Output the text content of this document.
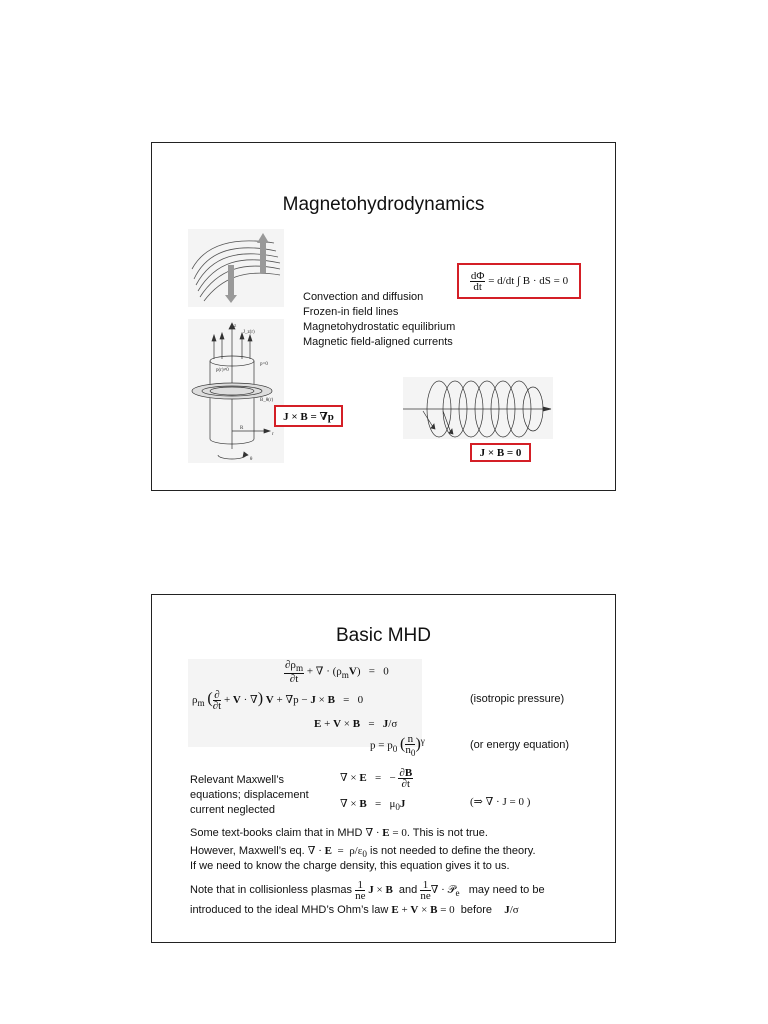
Magnetohydrodynamics
$\frac{d\Phi}{dt} = d/dt$ ∫ B · dS = 0
Convection and diffusion
Frozen-in field lines
Magnetohydrostatic equilibrium
Magnetic field-aligned currents
z
J_z(r)
p=0
p(r)≠0
B_θ(r)
R
r
θ
J × B = ∇p
J × B = 0
Basic MHD
$\frac{\partial\rho_m}{\partial t}$ + ∇ · $(\rho_mV) = 0$
$\rho_m$ ( $\frac{\partial}{\partial t} + V$ · ∇) V + ∇p − J × B   =   0
E + V × B   =   J/σ
(isotropic pressure)
$p = p_0$ ( $\frac{n}{n_0} )^\gamma$	(or energy equation)
Relevant Maxwell’s
equations; displacement
current neglected
∇ × E   =   − $\frac{\partial B}{\partial t}$
∇ × $B = \mu_0J$	(⇒ ∇ · J = 0 )
Some text-books claim that in MHD ∇ · E = 0. This is not true.
However, Maxwell’s eq. ∇ · $E = \rho/\varepsilon_0$ is not needed to define the theory.
If we need to know the charge density, this equation gives it to us.
Note that in collisionless plasmas $\frac{1}{ne}$ J × B and $\frac{1}{ne}$ ∇ · 𝒫$_e$ may need to be
introduced to the ideal MHD’s Ohm’s law E + V × B = 0 before J/σ
